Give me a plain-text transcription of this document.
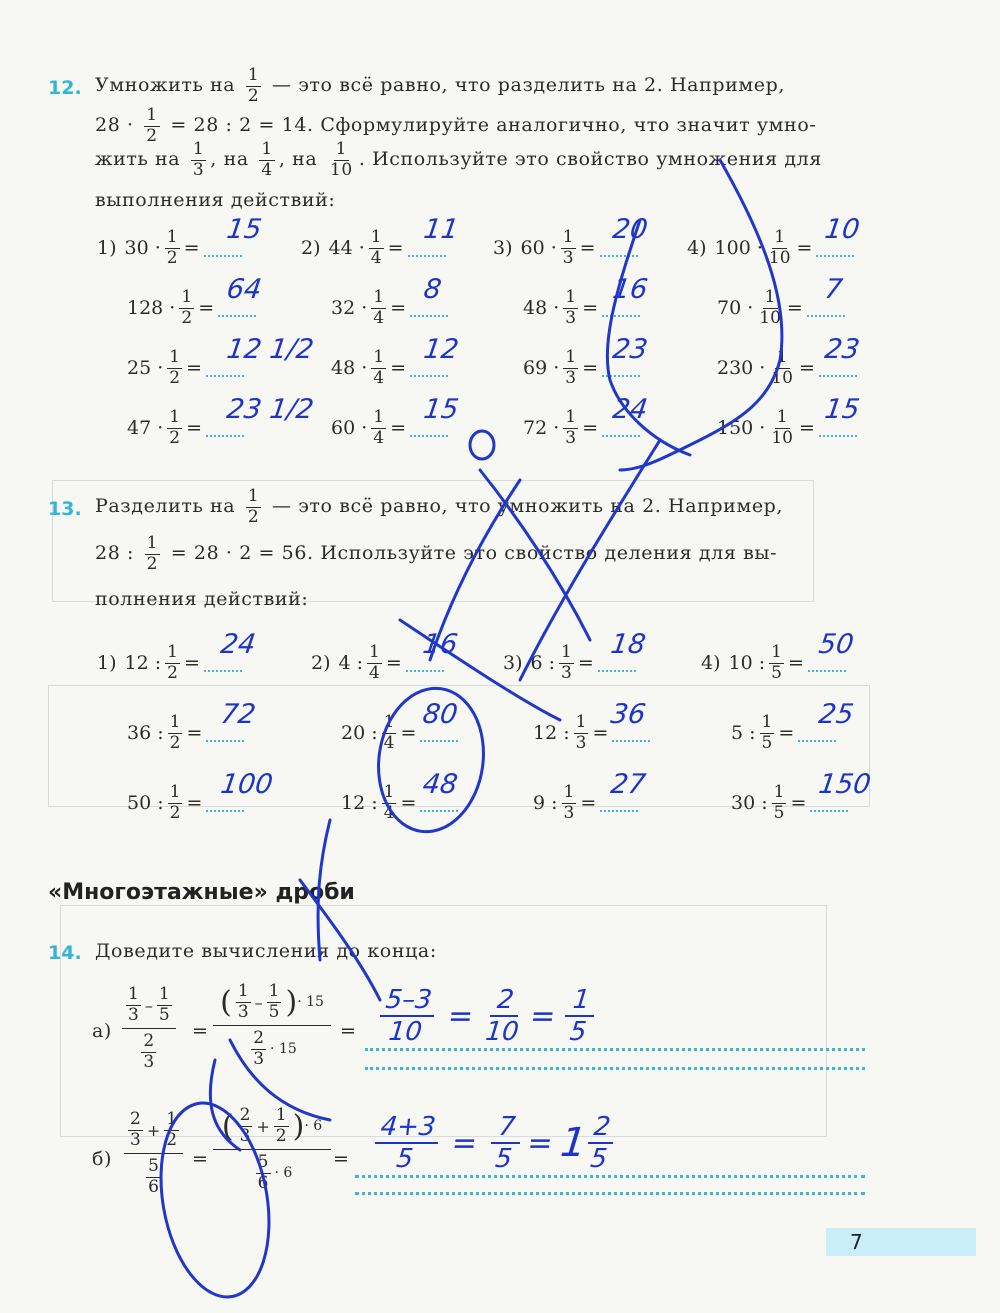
12. Умножить на $\frac{1}{2}$ — это всё равно, что разделить на 2. Например,
$28 \cdot \frac{1}{2} = 28$ : 2 = 14. Сформулируйте аналогично, что значит умно-
жить на $\frac{1}{3}$ , на $\frac{1}{4}$ , на $\frac{1}{10}$ . Используйте это свойство умножения для
выполнения действий:
1) $30 \cdot \frac{1}{2}$ =
15
$128 \cdot \frac{1}{2}$ =
64
$25 \cdot \frac{1}{2}$ =
12 1/2
$47 \cdot \frac{1}{2}$ =
23 1/2
2) $44 \cdot \frac{1}{4}$ =
11
$32 \cdot \frac{1}{4}$ =
8
$48 \cdot \frac{1}{4}$ =
12
$60 \cdot \frac{1}{4}$ =
15
3) $60 \cdot \frac{1}{3}$ =
20
$48 \cdot \frac{1}{3}$ =
16
$69 \cdot \frac{1}{3}$ =
23
$72 \cdot \frac{1}{3}$ =
24
4) $100 \cdot \frac{1}{10}$ =
10
$70 \cdot \frac{1}{10}$ =
7
$230 \cdot \frac{1}{10}$ =
23
$150 \cdot \frac{1}{10}$ =
15
13. Разделить на $\frac{1}{2}$ — это всё равно, что умножить на 2. Например,
28 : $\frac{1}{2} = 28 \cdot 2 = 56$. Используйте это свойство деления для вы-
полнения действий:
1) 12 : $\frac{1}{2}$ =
24
36 : $\frac{1}{2}$ =
72
50 : $\frac{1}{2}$ =
100
2) 4 : $\frac{1}{4}$ =
16
20 : $\frac{1}{4}$ =
80
12 : $\frac{1}{4}$ =
48
3) 6 : $\frac{1}{3}$ =
18
12 : $\frac{1}{3}$ =
36
9 : $\frac{1}{3}$ =
27
4) 10 : $\frac{1}{5}$ =
50
5 : $\frac{1}{5}$ =
25
30 : $\frac{1}{5}$ =
150
«Многоэтажные» дроби
14. Доведите вычисления до конца:
а)
$\frac{1}{3} - \frac{1}{5}$
$\frac{2}{3}$
=
( $\frac{1}{3} - \frac{1}{5}$ ) · 15
$\frac{2}{3} \cdot 15$
=
б)
$\frac{2}{3} + \frac{1}{2}$
$\frac{5}{6}$ =
( $\frac{2}{3} + \frac{1}{2}$ ) · 6
$\frac{5}{6} \cdot 6$
=
$\frac{5-3}{10} = \frac{2}{10} = \frac{1}{5}$
$\frac{4+3}{5} = \frac{7}{5} = 1$ 2
5
7
